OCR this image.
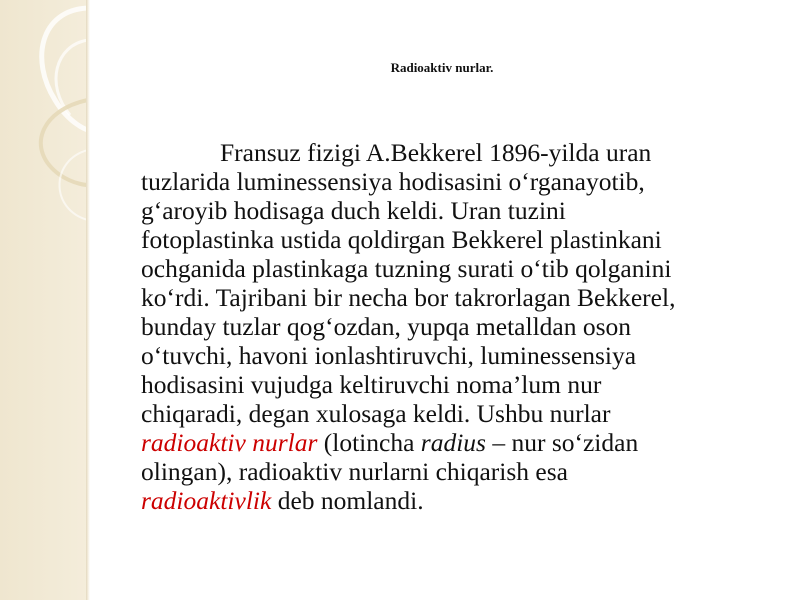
Radioaktiv nurlar.
Fransuz fizigi A.Bekkerel 1896-yilda uran
tuzlarida luminessensiya hodisasini o‘rganayotib,
g‘aroyib hodisaga duch keldi. Uran tuzini
fotoplastinka ustida qoldirgan Bekkerel plastinkani
ochganida plastinkaga tuzning surati o‘tib qolganini
ko‘rdi. Tajribani bir necha bor takrorlagan Bekkerel,
bunday tuzlar qog‘ozdan, yupqa metalldan oson
o‘tuvchi, havoni ionlashtiruvchi, luminessensiya
hodisasini vujudga keltiruvchi noma’lum nur
chiqaradi, degan xulosaga keldi. Ushbu nurlar
radioaktiv nurlar (lotincha radius – nur so‘zidan
olingan), radioaktiv nurlarni chiqarish esa
radioaktivlik deb nomlandi.
